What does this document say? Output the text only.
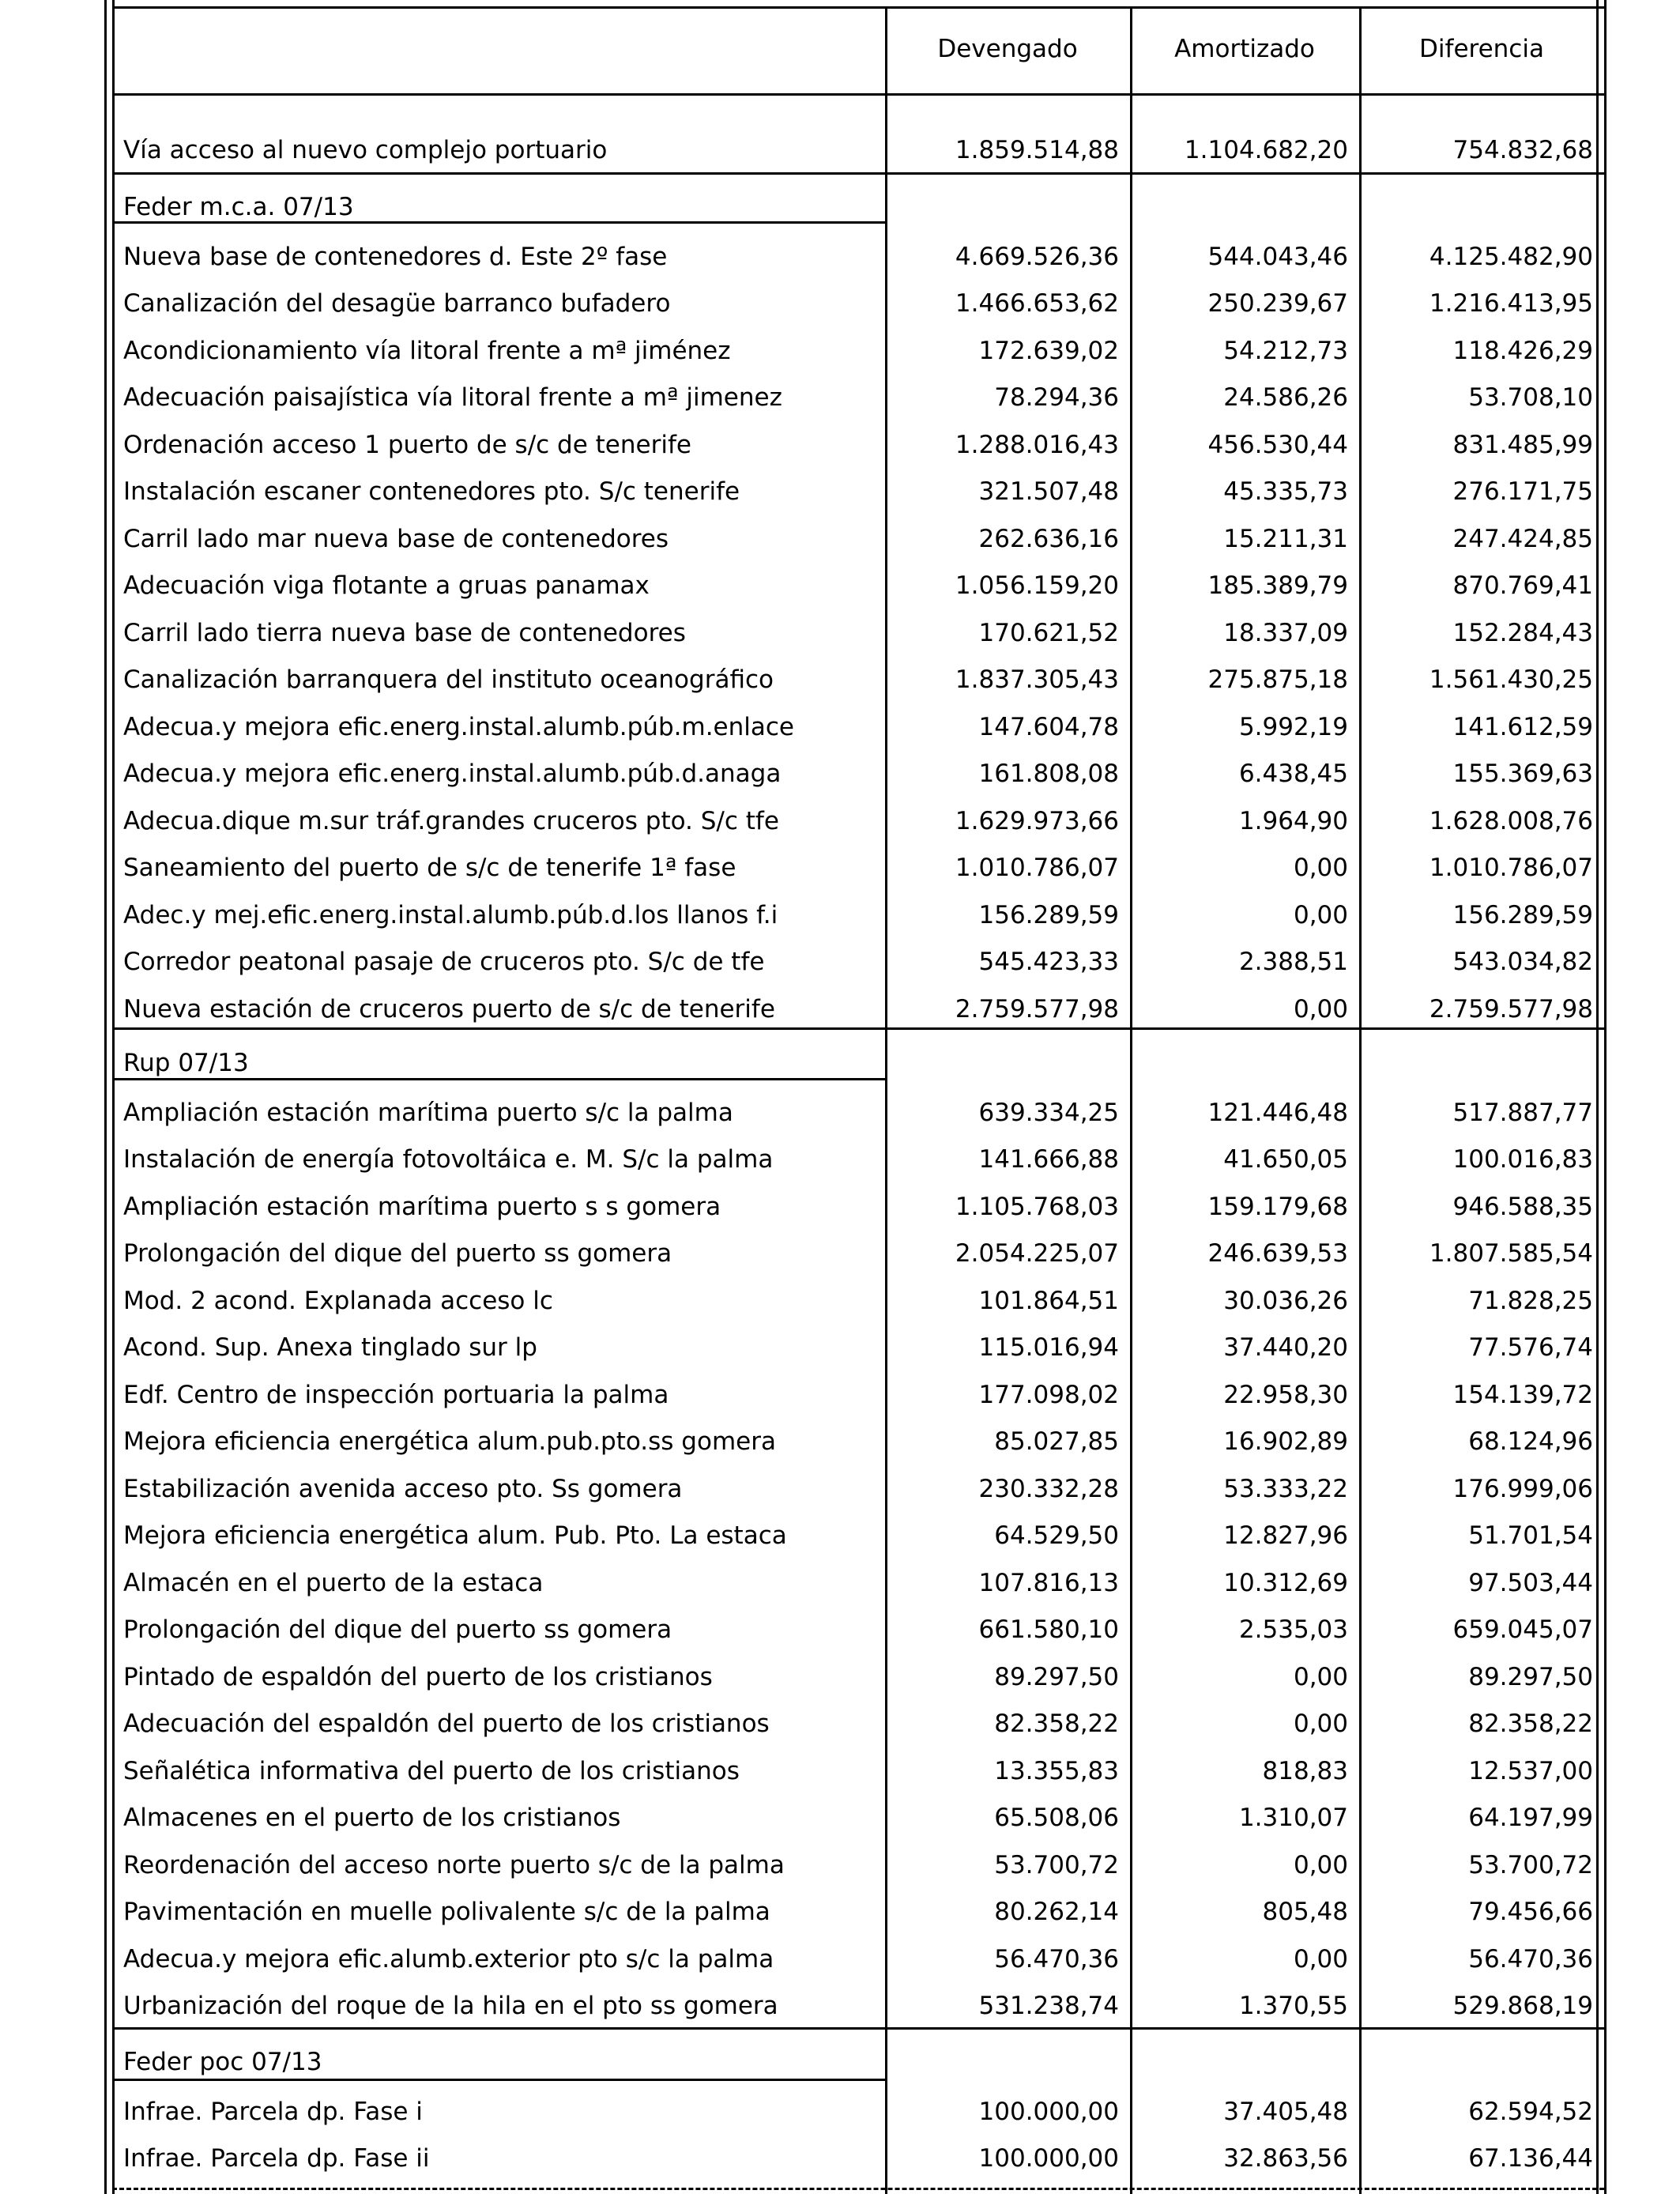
Devengado	Amortizado	Diferencia
Vía acceso al nuevo complejo portuario	1.859.514,88	1.104.682,20	754.832,68
Feder m.c.a. 07/13
Nueva base de contenedores d. Este 2º fase	4.669.526,36	544.043,46	4.125.482,90
Canalización del desagüe barranco bufadero	1.466.653,62	250.239,67	1.216.413,95
Acondicionamiento vía litoral frente a mª jiménez	172.639,02	54.212,73	118.426,29
Adecuación paisajística vía litoral frente a mª jimenez	78.294,36	24.586,26	53.708,10
Ordenación acceso 1 puerto de s/c de tenerife	1.288.016,43	456.530,44	831.485,99
Instalación escaner contenedores pto. S/c tenerife	321.507,48	45.335,73	276.171,75
Carril lado mar nueva base de contenedores	262.636,16	15.211,31	247.424,85
Adecuación viga flotante a gruas panamax	1.056.159,20	185.389,79	870.769,41
Carril lado tierra nueva base de contenedores	170.621,52	18.337,09	152.284,43
Canalización barranquera del instituto oceanográfico	1.837.305,43	275.875,18	1.561.430,25
Adecua.y mejora efic.energ.instal.alumb.púb.m.enlace	147.604,78	5.992,19	141.612,59
Adecua.y mejora efic.energ.instal.alumb.púb.d.anaga	161.808,08	6.438,45	155.369,63
Adecua.dique m.sur tráf.grandes cruceros pto. S/c tfe	1.629.973,66	1.964,90	1.628.008,76
Saneamiento del puerto de s/c de tenerife 1ª fase	1.010.786,07	0,00	1.010.786,07
Adec.y mej.efic.energ.instal.alumb.púb.d.los llanos f.i	156.289,59	0,00	156.289,59
Corredor peatonal pasaje de cruceros pto. S/c de tfe	545.423,33	2.388,51	543.034,82
Nueva estación de cruceros puerto de s/c de tenerife	2.759.577,98	0,00	2.759.577,98
Rup 07/13
Ampliación estación marítima puerto s/c la palma	639.334,25	121.446,48	517.887,77
Instalación de energía fotovoltáica e. M. S/c la palma	141.666,88	41.650,05	100.016,83
Ampliación estación marítima puerto s s gomera	1.105.768,03	159.179,68	946.588,35
Prolongación del dique del puerto ss gomera	2.054.225,07	246.639,53	1.807.585,54
Mod. 2 acond. Explanada acceso lc	101.864,51	30.036,26	71.828,25
Acond. Sup. Anexa tinglado sur lp	115.016,94	37.440,20	77.576,74
Edf. Centro de inspección portuaria la palma	177.098,02	22.958,30	154.139,72
Mejora eficiencia energética alum.pub.pto.ss gomera	85.027,85	16.902,89	68.124,96
Estabilización avenida acceso pto. Ss gomera	230.332,28	53.333,22	176.999,06
Mejora eficiencia energética alum. Pub. Pto. La estaca	64.529,50	12.827,96	51.701,54
Almacén en el puerto de la estaca	107.816,13	10.312,69	97.503,44
Prolongación del dique del puerto ss gomera	661.580,10	2.535,03	659.045,07
Pintado de espaldón del puerto de los cristianos	89.297,50	0,00	89.297,50
Adecuación del espaldón del puerto de los cristianos	82.358,22	0,00	82.358,22
Señalética informativa del puerto de los cristianos	13.355,83	818,83	12.537,00
Almacenes en el puerto de los cristianos	65.508,06	1.310,07	64.197,99
Reordenación del acceso norte puerto s/c de la palma	53.700,72	0,00	53.700,72
Pavimentación en muelle polivalente s/c de la palma	80.262,14	805,48	79.456,66
Adecua.y mejora efic.alumb.exterior pto s/c la palma	56.470,36	0,00	56.470,36
Urbanización del roque de la hila en el pto ss gomera	531.238,74	1.370,55	529.868,19
Feder poc 07/13
Infrae. Parcela dp. Fase i	100.000,00	37.405,48	62.594,52
Infrae. Parcela dp. Fase ii	100.000,00	32.863,56	67.136,44
